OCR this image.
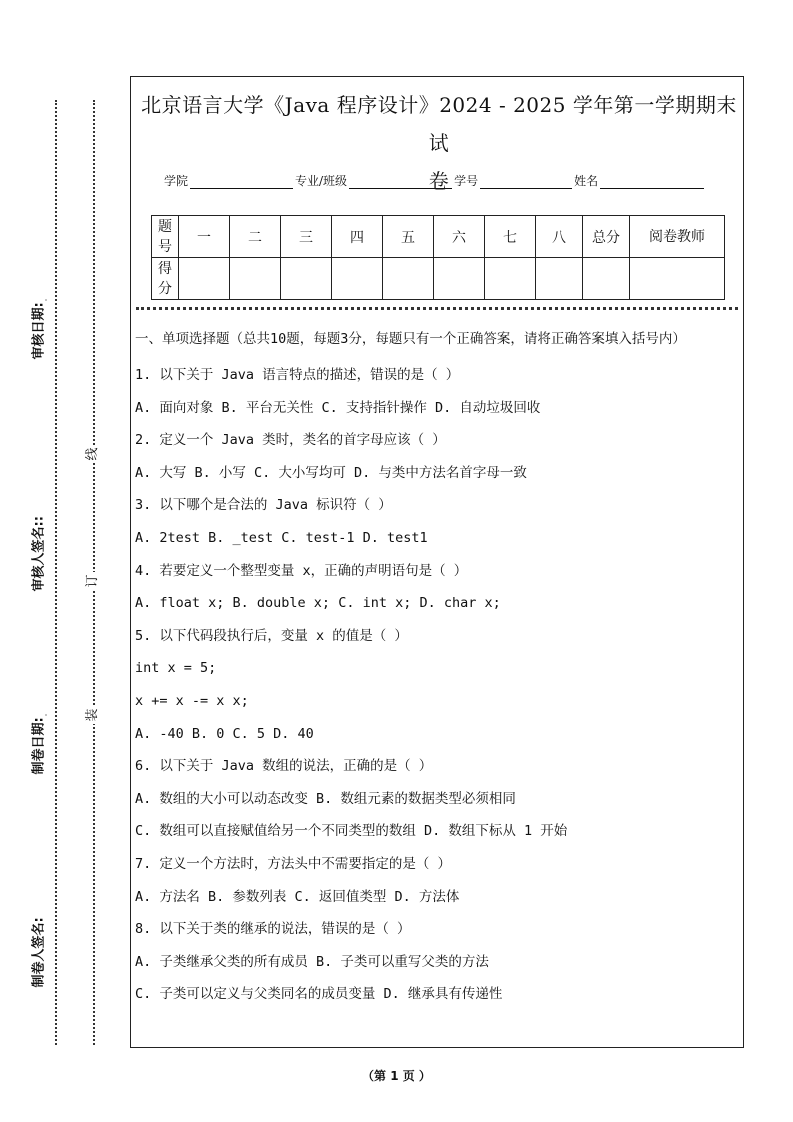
线
订
装
审核日期:
审核人签名::
制卷日期:
制卷人签名:
北京语言大学《Java 程序设计》2024 - 2025 学年第一学期期末试
卷
学院	专业/班级	学号	姓名
题号	一	二	三	四	五	六	七	八	总分	阅卷教师
得分										
一、单项选择题（总共10题，每题3分，每题只有一个正确答案，请将正确答案填入括号内）
1. 以下关于 Java 语言特点的描述，错误的是（ ）
A. 面向对象 B. 平台无关性 C. 支持指针操作 D. 自动垃圾回收
2. 定义一个 Java 类时，类名的首字母应该（ ）
A. 大写 B. 小写 C. 大小写均可 D. 与类中方法名首字母一致
3. 以下哪个是合法的 Java 标识符（ ）
A. 2test B. _test C. test-1 D. test1
4. 若要定义一个整型变量 x，正确的声明语句是（ ）
A. float x; B. double x; C. int x; D. char x;
5. 以下代码段执行后，变量 x 的值是（ ）
int x = 5;
x += x -= x x;
A. -40 B. 0 C. 5 D. 40
6. 以下关于 Java 数组的说法，正确的是（ ）
A. 数组的大小可以动态改变 B. 数组元素的数据类型必须相同
C. 数组可以直接赋值给另一个不同类型的数组 D. 数组下标从 1 开始
7. 定义一个方法时，方法头中不需要指定的是（ ）
A. 方法名 B. 参数列表 C. 返回值类型 D. 方法体
8. 以下关于类的继承的说法，错误的是（ ）
A. 子类继承父类的所有成员 B. 子类可以重写父类的方法
C. 子类可以定义与父类同名的成员变量 D. 继承具有传递性
（第 1 页 ）
